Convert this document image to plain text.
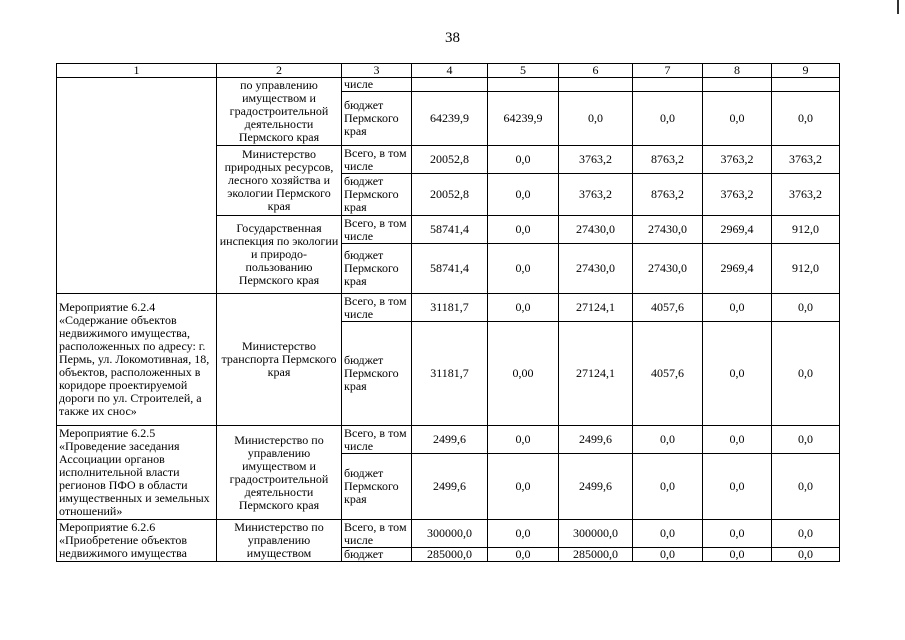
38
1	2	3	4	5	6	7	8	9
	по управлению имуществом и градостроительной деятельности Пермского края	числе						
		бюджет Пермского края	64239,9	64239,9	0,0	0,0	0,0	0,0
	Министерство природных ресурсов, лесного хозяйства и экологии Пермского края	Всего, в том числе	20052,8	0,0	3763,2	8763,2	3763,2	3763,2
		бюджет Пермского края	20052,8	0,0	3763,2	8763,2	3763,2	3763,2
	Государственная инспекция по экологии и природо- пользованию Пермского края	Всего, в том числе	58741,4	0,0	27430,0	27430,0	2969,4	912,0
		бюджет Пермского края	58741,4	0,0	27430,0	27430,0	2969,4	912,0
Мероприятие 6.2.4 «Содержание объектов недвижимого имущества, расположенных по адресу: г. Пермь, ул. Локомотивная, 18, объектов, расположенных в коридоре проектируемой дороги по ул. Строителей, а также их снос»	Министерство транспорта Пермского края	Всего, в том числе	31181,7	0,0	27124,1	4057,6	0,0	0,0
		бюджет Пермского края	31181,7	0,00	27124,1	4057,6	0,0	0,0
Мероприятие 6.2.5 «Проведение заседания Ассоциации органов исполнительной власти регионов ПФО в области имущественных и земельных отношений»	Министерство по управлению имуществом и градостроительной деятельности Пермского края	Всего, в том числе	2499,6	0,0	2499,6	0,0	0,0	0,0
		бюджет Пермского края	2499,6	0,0	2499,6	0,0	0,0	0,0
Мероприятие 6.2.6 «Приобретение объектов недвижимого имущества	Министерство по управлению имуществом	Всего, в том числе	300000,0	0,0	300000,0	0,0	0,0	0,0
		бюджет	285000,0	0,0	285000,0	0,0	0,0	0,0
